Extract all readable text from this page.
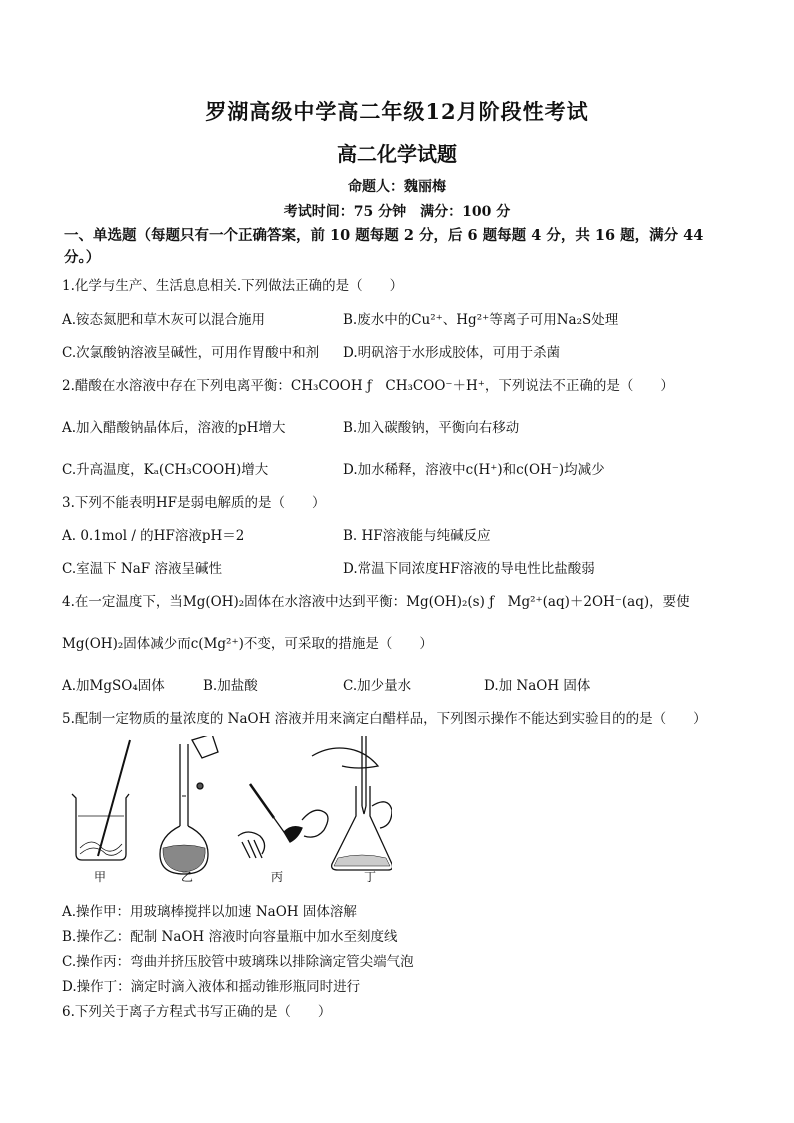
罗湖高级中学高二年级12月阶段性考试
高二化学试题
命题人：魏丽梅
考试时间：75 分钟　满分：100 分
一、单选题（每题只有一个正确答案，前 10 题每题 2 分，后 6 题每题 4 分，共 16 题，满分 44 分。）
1.化学与生产、生活息息相关.下列做法正确的是（　　）
A.铵态氮肥和草木灰可以混合施用	B.废水中的Cu²⁺、Hg²⁺等离子可用Na₂S处理
C.次氯酸钠溶液呈碱性，可用作胃酸中和剂 D.明矾溶于水形成胶体，可用于杀菌
2.醋酸在水溶液中存在下列电离平衡：CH₃COOH ƒ　CH₃COO⁻＋H⁺，下列说法不正确的是（　　）
A.加入醋酸钠晶体后，溶液的pH增大	B.加入碳酸钠，平衡向右移动
C.升高温度，Kₐ(CH₃COOH)增大	D.加水稀释，溶液中c(H⁺)和c(OH⁻)均减少
3.下列不能表明HF是弱电解质的是（　　）
A. 0.1mol / 的HF溶液pH＝2	B. HF溶液能与纯碱反应
C.室温下 NaF 溶液呈碱性	D.常温下同浓度HF溶液的导电性比盐酸弱
4.在一定温度下，当Mg(OH)₂固体在水溶液中达到平衡：Mg(OH)₂(s) ƒ　Mg²⁺(aq)＋2OH⁻(aq)，要使
Mg(OH)₂固体减少而c(Mg²⁺)不变，可采取的措施是（　　）
A.加MgSO₄固体	B.加盐酸	C.加少量水	D.加 NaOH 固体
5.配制一定物质的量浓度的 NaOH 溶液并用来滴定白醋样品，下列图示操作不能达到实验目的的是（　　）
甲	乙	丙	丁
A.操作甲：用玻璃棒搅拌以加速 NaOH 固体溶解
B.操作乙：配制 NaOH 溶液时向容量瓶中加水至刻度线
C.操作丙：弯曲并挤压胶管中玻璃珠以排除滴定管尖端气泡
D.操作丁：滴定时滴入液体和摇动锥形瓶同时进行
6.下列关于离子方程式书写正确的是（　　）
